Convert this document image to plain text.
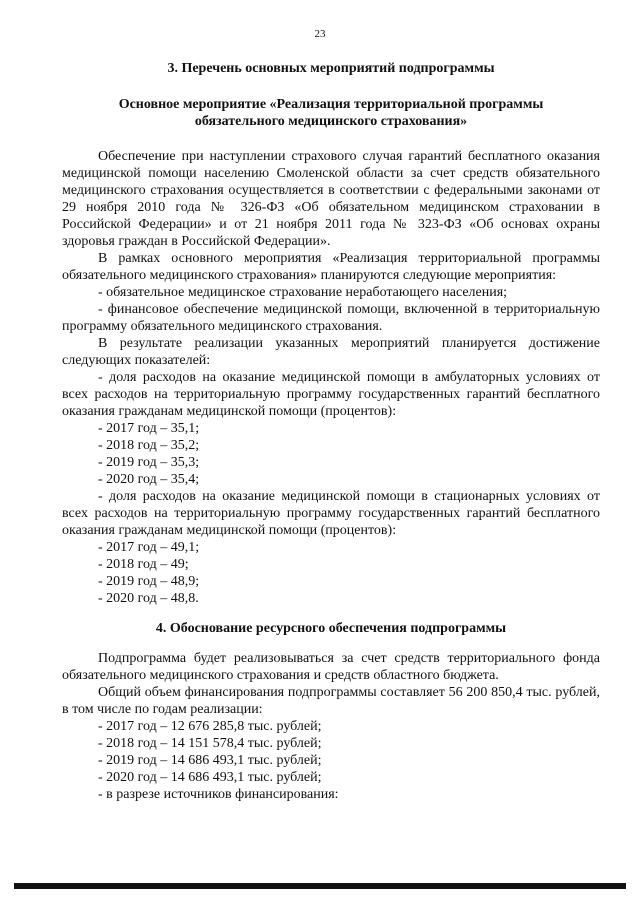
23
3. Перечень основных мероприятий подпрограммы
Основное мероприятие «Реализация территориальной программы
обязательного медицинского страхования»
Обеспечение при наступлении страхового случая гарантий бесплатного оказания медицинской помощи населению Смоленской области за счет средств обязательного медицинского страхования осуществляется в соответствии с федеральными законами от 29 ноября 2010 года № 326-ФЗ «Об обязательном медицинском страховании в Российской Федерации» и от 21 ноября 2011 года № 323-ФЗ «Об основах охраны здоровья граждан в Российской Федерации».
В рамках основного мероприятия «Реализация территориальной программы обязательного медицинского страхования» планируются следующие мероприятия:
- обязательное медицинское страхование неработающего населения;
- финансовое обеспечение медицинской помощи, включенной в территориальную программу обязательного медицинского страхования.
В результате реализации указанных мероприятий планируется достижение следующих показателей:
- доля расходов на оказание медицинской помощи в амбулаторных условиях от всех расходов на территориальную программу государственных гарантий бесплатного оказания гражданам медицинской помощи (процентов):
- 2017 год – 35,1;
- 2018 год – 35,2;
- 2019 год – 35,3;
- 2020 год – 35,4;
- доля расходов на оказание медицинской помощи в стационарных условиях от всех расходов на территориальную программу государственных гарантий бесплатного оказания гражданам медицинской помощи (процентов):
- 2017 год – 49,1;
- 2018 год – 49;
- 2019 год – 48,9;
- 2020 год – 48,8.
4. Обоснование ресурсного обеспечения подпрограммы
Подпрограмма будет реализовываться за счет средств территориального фонда обязательного медицинского страхования и средств областного бюджета.
Общий объем финансирования подпрограммы составляет 56 200 850,4 тыс. рублей, в том числе по годам реализации:
- 2017 год – 12 676 285,8 тыс. рублей;
- 2018 год – 14 151 578,4 тыс. рублей;
- 2019 год – 14 686 493,1 тыс. рублей;
- 2020 год – 14 686 493,1 тыс. рублей;
- в разрезе источников финансирования:
